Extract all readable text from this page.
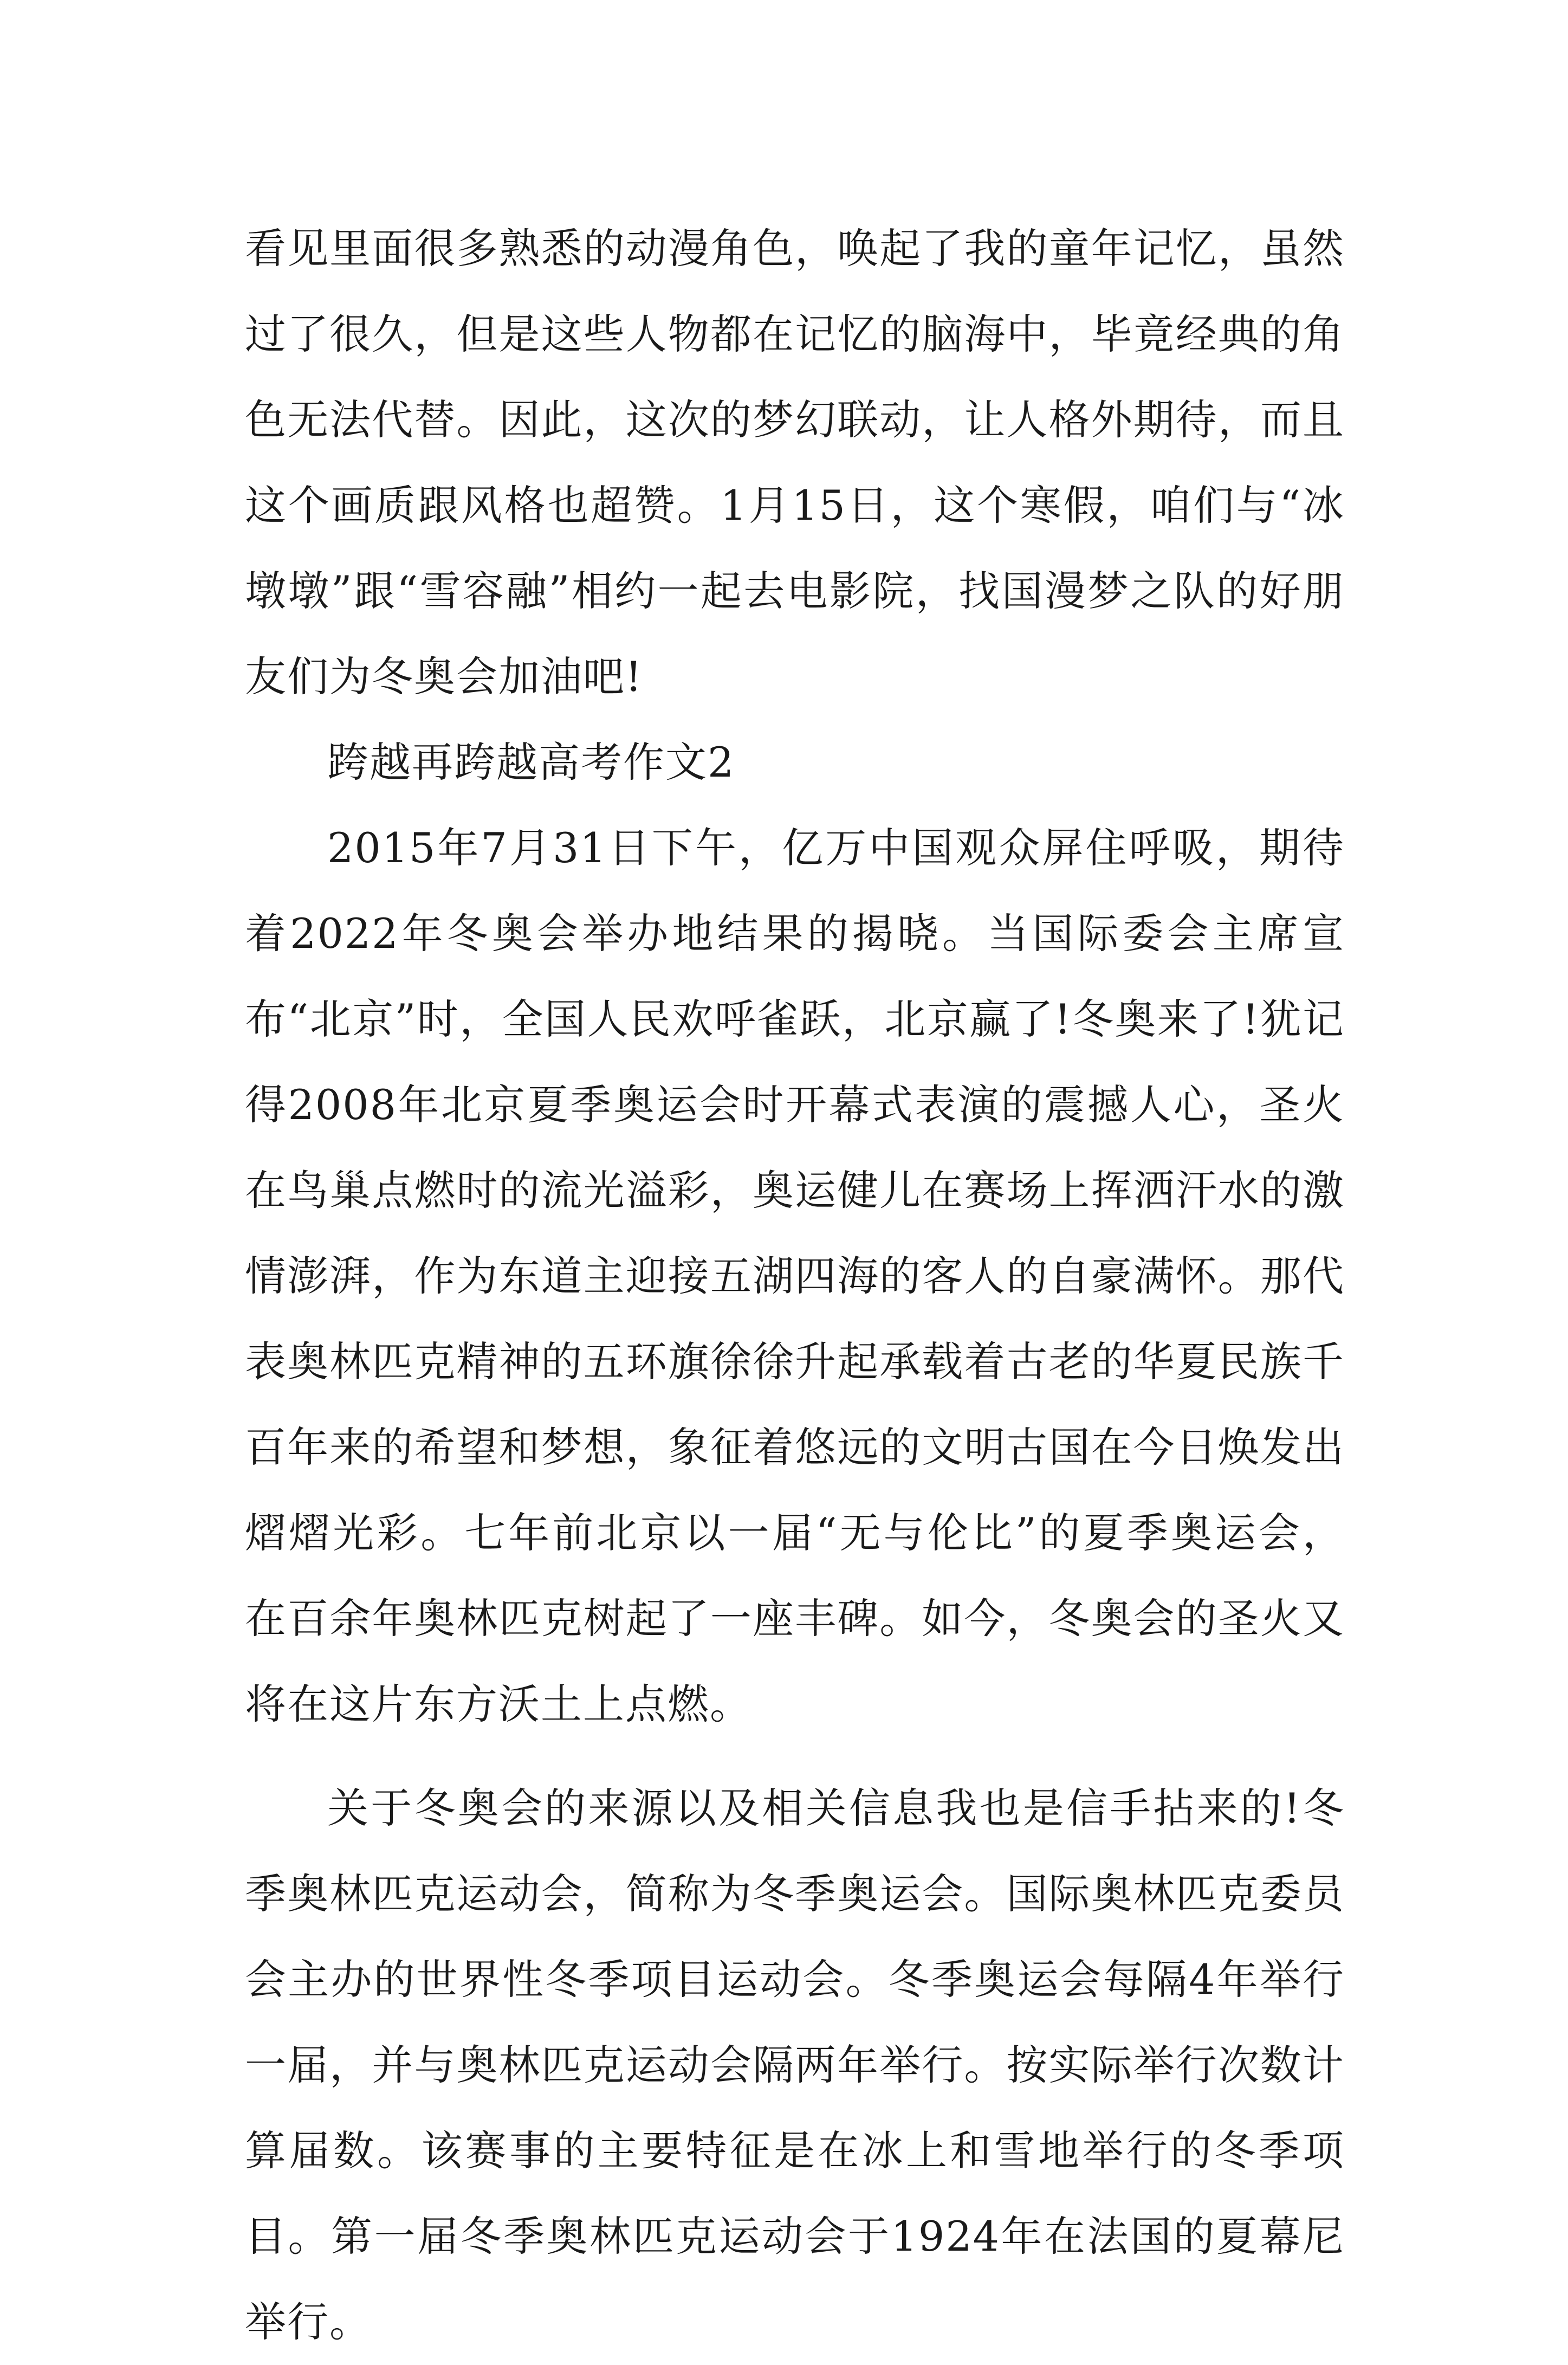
看见里面很多熟悉的动漫角色，唤起了我的童年记忆，虽然过了很久，但是这些人物都在记忆的脑海中，毕竟经典的角色无法代替。因此，这次的梦幻联动，让人格外期待，而且这个画质跟风格也超赞。1月15日，这个寒假，咱们与“冰墩墩”跟“雪容融”相约一起去电影院，找国漫梦之队的好朋友们为冬奥会加油吧!

跨越再跨越高考作文2

2015年7月31日下午，亿万中国观众屏住呼吸，期待着2022年冬奥会举办地结果的揭晓。当国际委会主席宣布“北京”时，全国人民欢呼雀跃，北京赢了!冬奥来了!犹记得2008年北京夏季奥运会时开幕式表演的震撼人心，圣火在鸟巢点燃时的流光溢彩，奥运健儿在赛场上挥洒汗水的激情澎湃，作为东道主迎接五湖四海的客人的自豪满怀。那代表奥林匹克精神的五环旗徐徐升起承载着古老的华夏民族千百年来的希望和梦想，象征着悠远的文明古国在今日焕发出熠熠光彩。七年前北京以一届“无与伦比”的夏季奥运会，在百余年奥林匹克树起了一座丰碑。如今，冬奥会的圣火又将在这片东方沃土上点燃。

关于冬奥会的来源以及相关信息我也是信手拈来的!冬季奥林匹克运动会，简称为冬季奥运会。国际奥林匹克委员会主办的世界性冬季项目运动会。冬季奥运会每隔4年举行一届，并与奥林匹克运动会隔两年举行。按实际举行次数计算届数。该赛事的主要特征是在冰上和雪地举行的冬季项目。第一届冬季奥林匹克运动会于1924年在法国的夏幕尼举行。
